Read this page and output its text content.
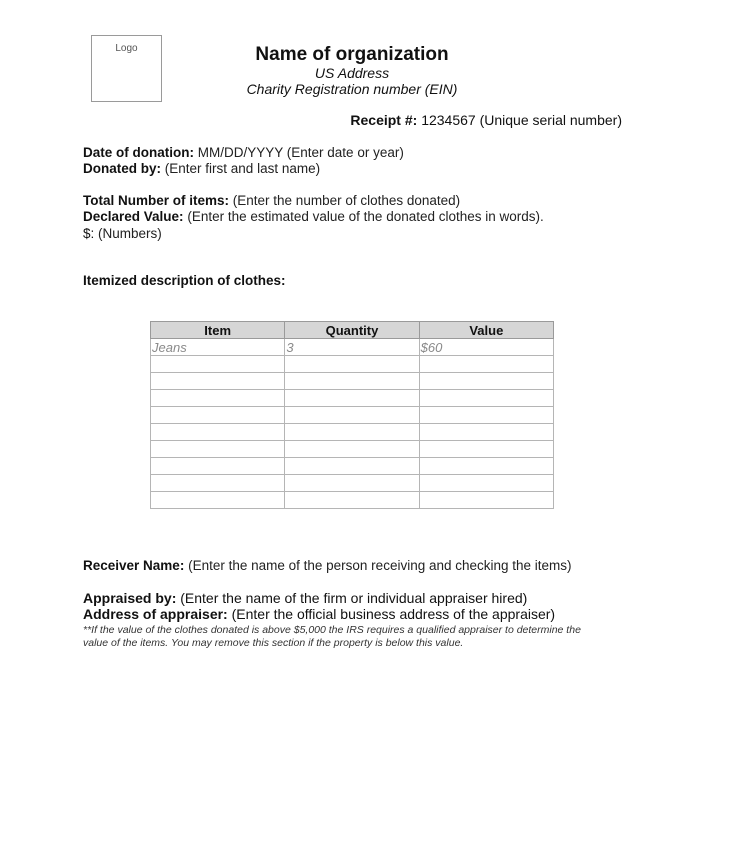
Logo	Name of organization
US Address
Charity Registration number (EIN)
Receipt #: 1234567 (Unique serial number)
Date of donation: MM/DD/YYYY (Enter date or year)
Donated by: (Enter first and last name)
Total Number of items: (Enter the number of clothes donated)
Declared Value: (Enter the estimated value of the donated clothes in words).
$: (Numbers)
Itemized description of clothes:
Item	Quantity	Value
Jeans	3	$60

Receiver Name: (Enter the name of the person receiving and checking the items)
Appraised by: (Enter the name of the firm or individual appraiser hired)
Address of appraiser: (Enter the official business address of the appraiser)
**If the value of the clothes donated is above $5,000 the IRS requires a qualified appraiser to determine the value of the items. You may remove this section if the property is below this value.
